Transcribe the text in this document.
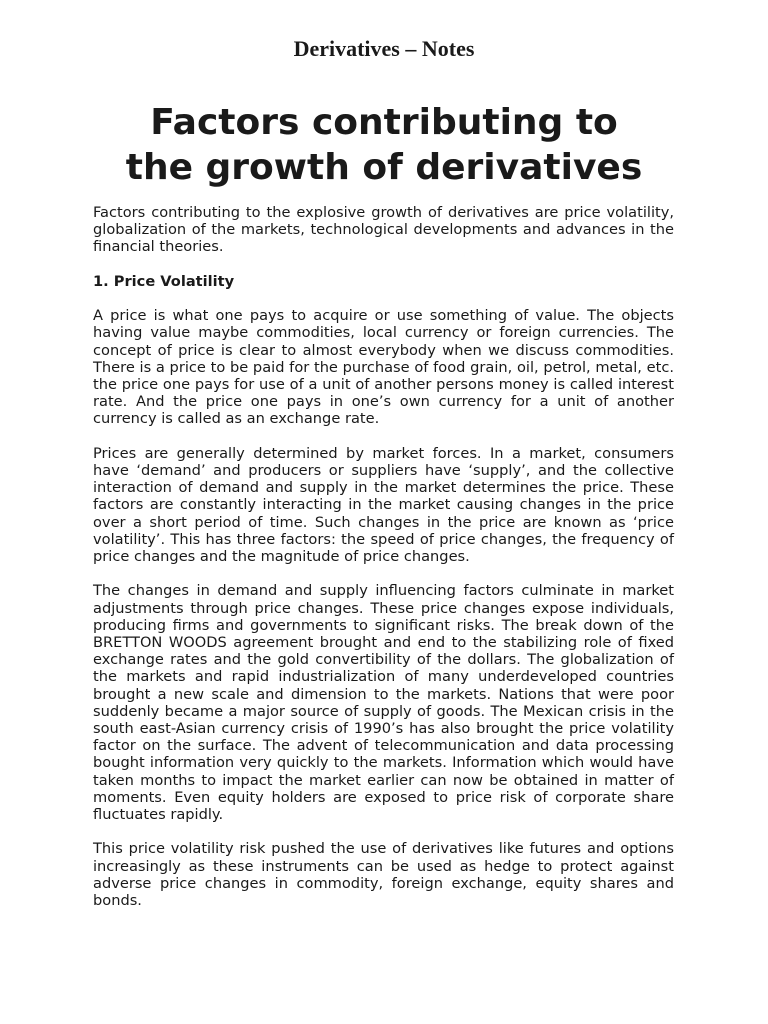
Derivatives – Notes
Factors contributing to
the growth of derivatives

Factors contributing to the explosive growth of derivatives are price volatility, globalization of the markets, technological developments and advances in the financial theories.

1. Price Volatility

A price is what one pays to acquire or use something of value. The objects having value maybe commodities, local currency or foreign currencies. The concept of price is clear to almost everybody when we discuss commodities. There is a price to be paid for the purchase of food grain, oil, petrol, metal, etc. the price one pays for use of a unit of another persons money is called interest rate. And the price one pays in one’s own currency for a unit of another currency is called as an exchange rate.

Prices are generally determined by market forces. In a market, consumers have ‘demand’ and producers or suppliers have ‘supply’, and the collective interaction of demand and supply in the market determines the price. These factors are constantly interacting in the market causing changes in the price over a short period of time. Such changes in the price are known as ‘price volatility’. This has three factors: the speed of price changes, the frequency of price changes and the magnitude of price changes.

The changes in demand and supply influencing factors culminate in market adjustments through price changes. These price changes expose individuals, producing firms and governments to significant risks. The break down of the BRETTON WOODS agreement brought and end to the stabilizing role of fixed exchange rates and the gold convertibility of the dollars. The globalization of the markets and rapid industrialization of many underdeveloped countries brought a new scale and dimension to the markets. Nations that were poor suddenly became a major source of supply of goods. The Mexican crisis in the south east-Asian currency crisis of 1990’s has also brought the price volatility factor on the surface. The advent of telecommunication and data processing bought information very quickly to the markets. Information which would have taken months to impact the market earlier can now be obtained in matter of moments. Even equity holders are exposed to price risk of corporate share fluctuates rapidly.

This price volatility risk pushed the use of derivatives like futures and options increasingly as these instruments can be used as hedge to protect against adverse price changes in commodity, foreign exchange, equity shares and bonds.
